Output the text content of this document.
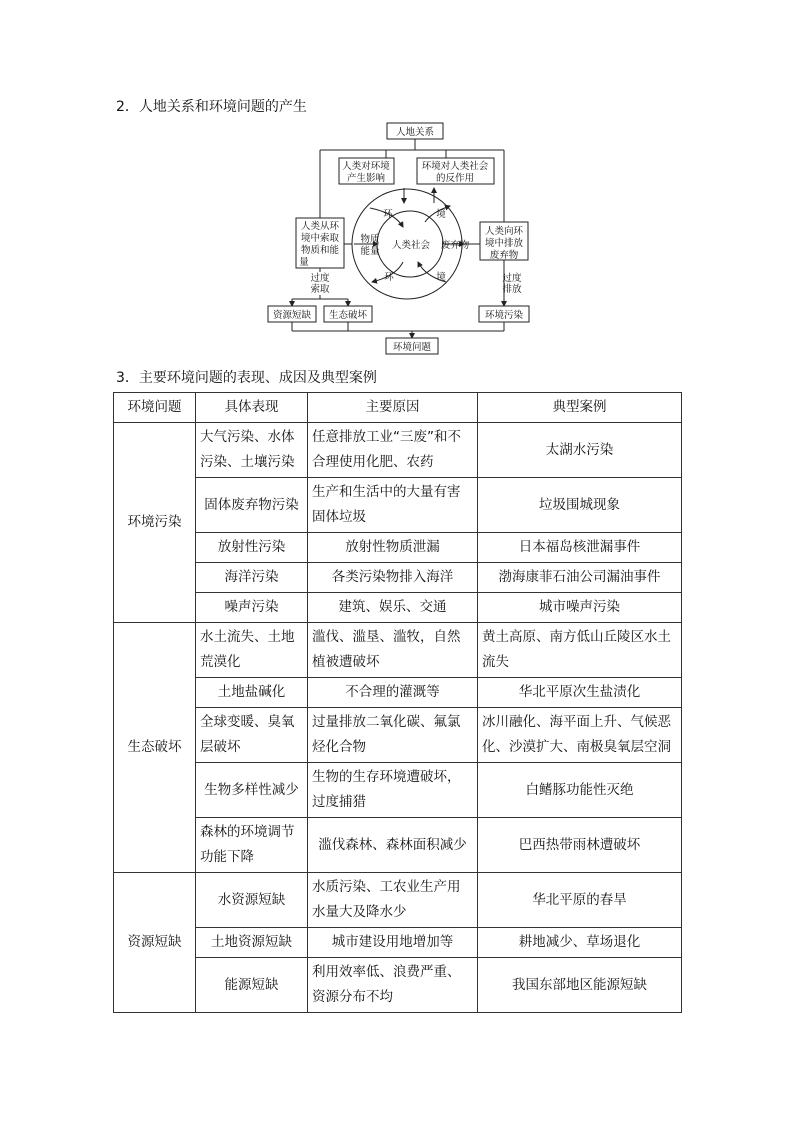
2．人地关系和环境问题的产生
人地关系
人类对环境
产生影响
环境对人类社会
的反作用
环	境
环	境
物质
能量
人类社会 废弃物
人类从环
境中索取
物质和能
量
人类向环
境中排放
废弃物
过度
索取
过度
排放
资源短缺 生态破坏	环境污染
环境问题
3．主要环境问题的表现、成因及典型案例
环境问题	具体表现	主要原因	典型案例
环境污染	大气污染、水体污染、土壤污染	任意排放工业“三废”和不合理使用化肥、农药	太湖水污染
	固体废弃物污染	生产和生活中的大量有害固体垃圾	垃圾围城现象
	放射性污染	放射性物质泄漏	日本福岛核泄漏事件
	海洋污染	各类污染物排入海洋	渤海康菲石油公司漏油事件
	噪声污染	建筑、娱乐、交通	城市噪声污染
生态破坏	水土流失、土地荒漠化	滥伐、滥垦、滥牧，自然植被遭破坏	黄土高原、南方低山丘陵区水土流失
	土地盐碱化	不合理的灌溉等	华北平原次生盐渍化
	全球变暖、臭氧层破坏	过量排放二氧化碳、氟氯烃化合物	冰川融化、海平面上升、气候恶化、沙漠扩大、南极臭氧层空洞
	生物多样性减少	生物的生存环境遭破坏，过度捕猎	白鳍豚功能性灭绝
	森林的环境调节功能下降	滥伐森林、森林面积减少	巴西热带雨林遭破坏
资源短缺	水资源短缺	水质污染、工农业生产用水量大及降水少	华北平原的春旱
	土地资源短缺	城市建设用地增加等	耕地减少、草场退化
	能源短缺	利用效率低、浪费严重、资源分布不均	我国东部地区能源短缺
